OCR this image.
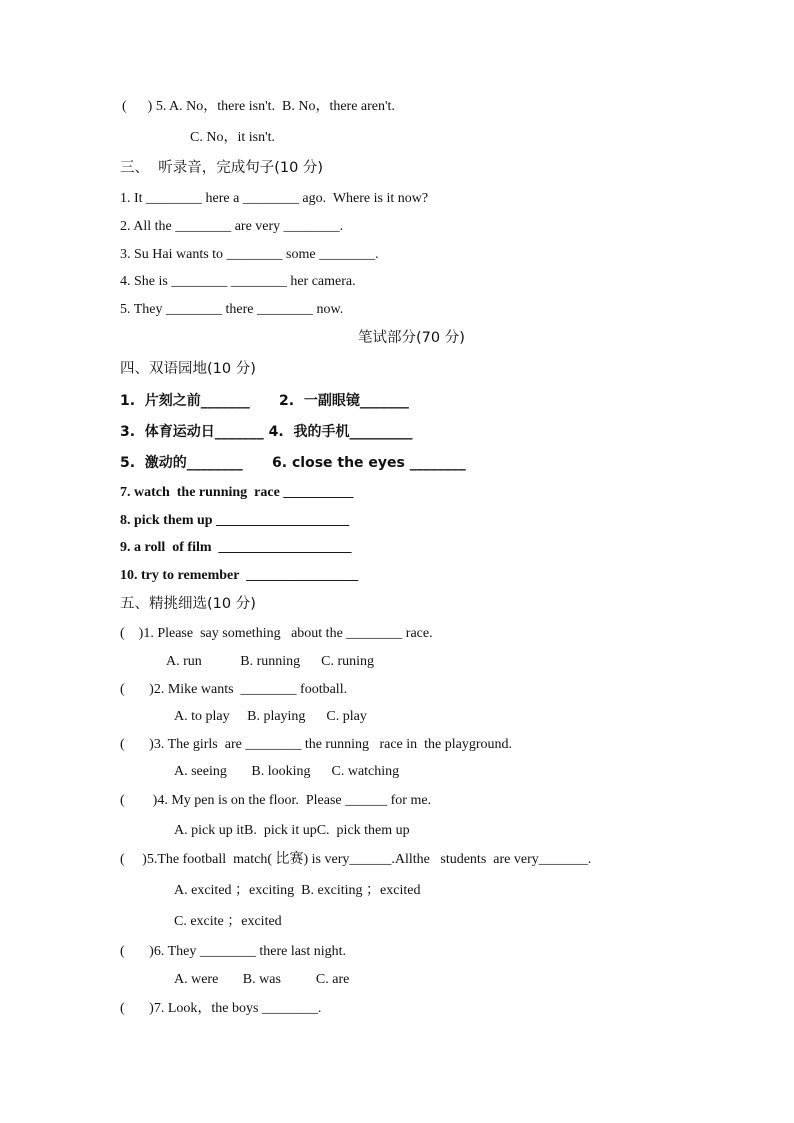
(      ) 5. A. No，there isn't.  B. No，there aren't.
C. No，it isn't.
三、  听录音，完成句子(10 分)
1. It ________ here a ________ ago.  Where is it now?
2. All the ________ are very ________.
3. Su Hai wants to ________ some ________.
4. She is ________ ________ her camera.
5. They ________ there ________ now.
笔试部分(70 分)
四、双语园地(10 分)
1.  片刻之前_______      2.  一副眼镜_______
3.  体育运动日_______ 4.  我的手机_________
5.  激动的________      6. close the eyes ________
7. watch  the running  race __________
8. pick them up ___________________
9. a roll  of film  ___________________
10. try to remember  ________________
五、精挑细选(10 分)
(    )1. Please  say something   about the ________ race.
A. run           B. running      C. runing
(       )2. Mike wants  ________ football.
A. to play     B. playing      C. play
(       )3. The girls  are ________ the running   race in  the playground.
A. seeing       B. looking      C. watching
(        )4. My pen is on the floor.  Please ______ for me.
A. pick up itB.  pick it upC.  pick them up
(     )5.The football  match( 比赛) is very______.Allthe   students  are very_______.
A. excited ；exciting  B. exciting ；excited
C. excite ；excited
(       )6. They ________ there last night.
A. were       B. was          C. are
(       )7. Look，the boys ________.
